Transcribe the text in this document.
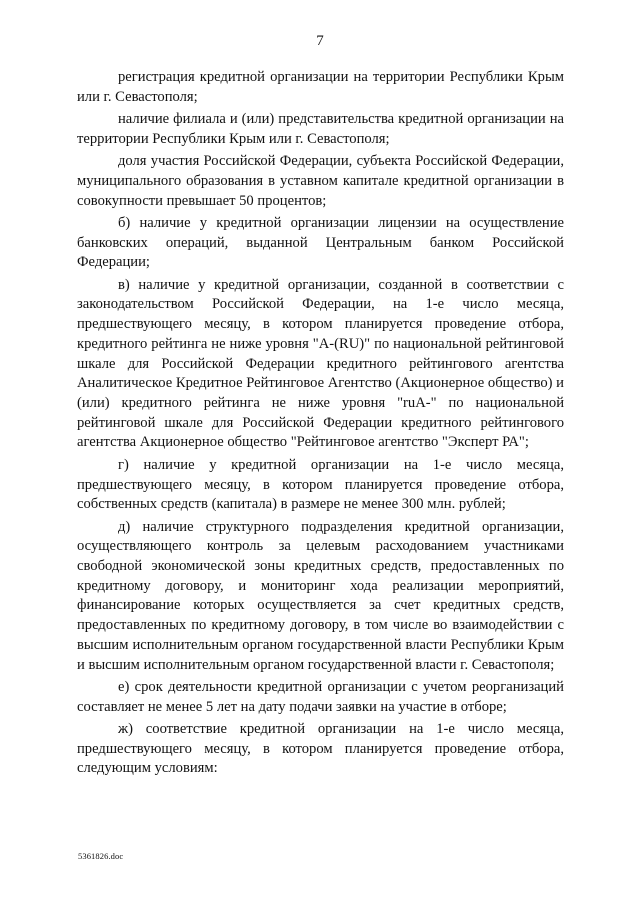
7

регистрация кредитной организации на территории Республики Крым или г. Севастополя;

наличие филиала и (или) представительства кредитной организации на территории Республики Крым или г. Севастополя;

доля участия Российской Федерации, субъекта Российской Федерации, муниципального образования в уставном капитале кредитной организации в совокупности превышает 50 процентов;

б) наличие у кредитной организации лицензии на осуществление банковских операций, выданной Центральным банком Российской Федерации;

в) наличие у кредитной организации, созданной в соответствии с законодательством Российской Федерации, на 1-е число месяца, предшествующего месяцу, в котором планируется проведение отбора, кредитного рейтинга не ниже уровня "A-(RU)" по национальной рейтинговой шкале для Российской Федерации кредитного рейтингового агентства Аналитическое Кредитное Рейтинговое Агентство (Акционерное общество) и (или) кредитного рейтинга не ниже уровня "ruA-" по национальной рейтинговой шкале для Российской Федерации кредитного рейтингового агентства Акционерное общество "Рейтинговое агентство "Эксперт РА";

г) наличие у кредитной организации на 1-е число месяца, предшествующего месяцу, в котором планируется проведение отбора, собственных средств (капитала) в размере не менее 300 млн. рублей;

д) наличие структурного подразделения кредитной организации, осуществляющего контроль за целевым расходованием участниками свободной экономической зоны кредитных средств, предоставленных по кредитному договору, и мониторинг хода реализации мероприятий, финансирование которых осуществляется за счет кредитных средств, предоставленных по кредитному договору, в том числе во взаимодействии с высшим исполнительным органом государственной власти Республики Крым и высшим исполнительным органом государственной власти г. Севастополя;

е) срок деятельности кредитной организации с учетом реорганизаций составляет не менее 5 лет на дату подачи заявки на участие в отборе;

ж) соответствие кредитной организации на 1-е число месяца, предшествующего месяцу, в котором планируется проведение отбора, следующим условиям:

5361826.doc
